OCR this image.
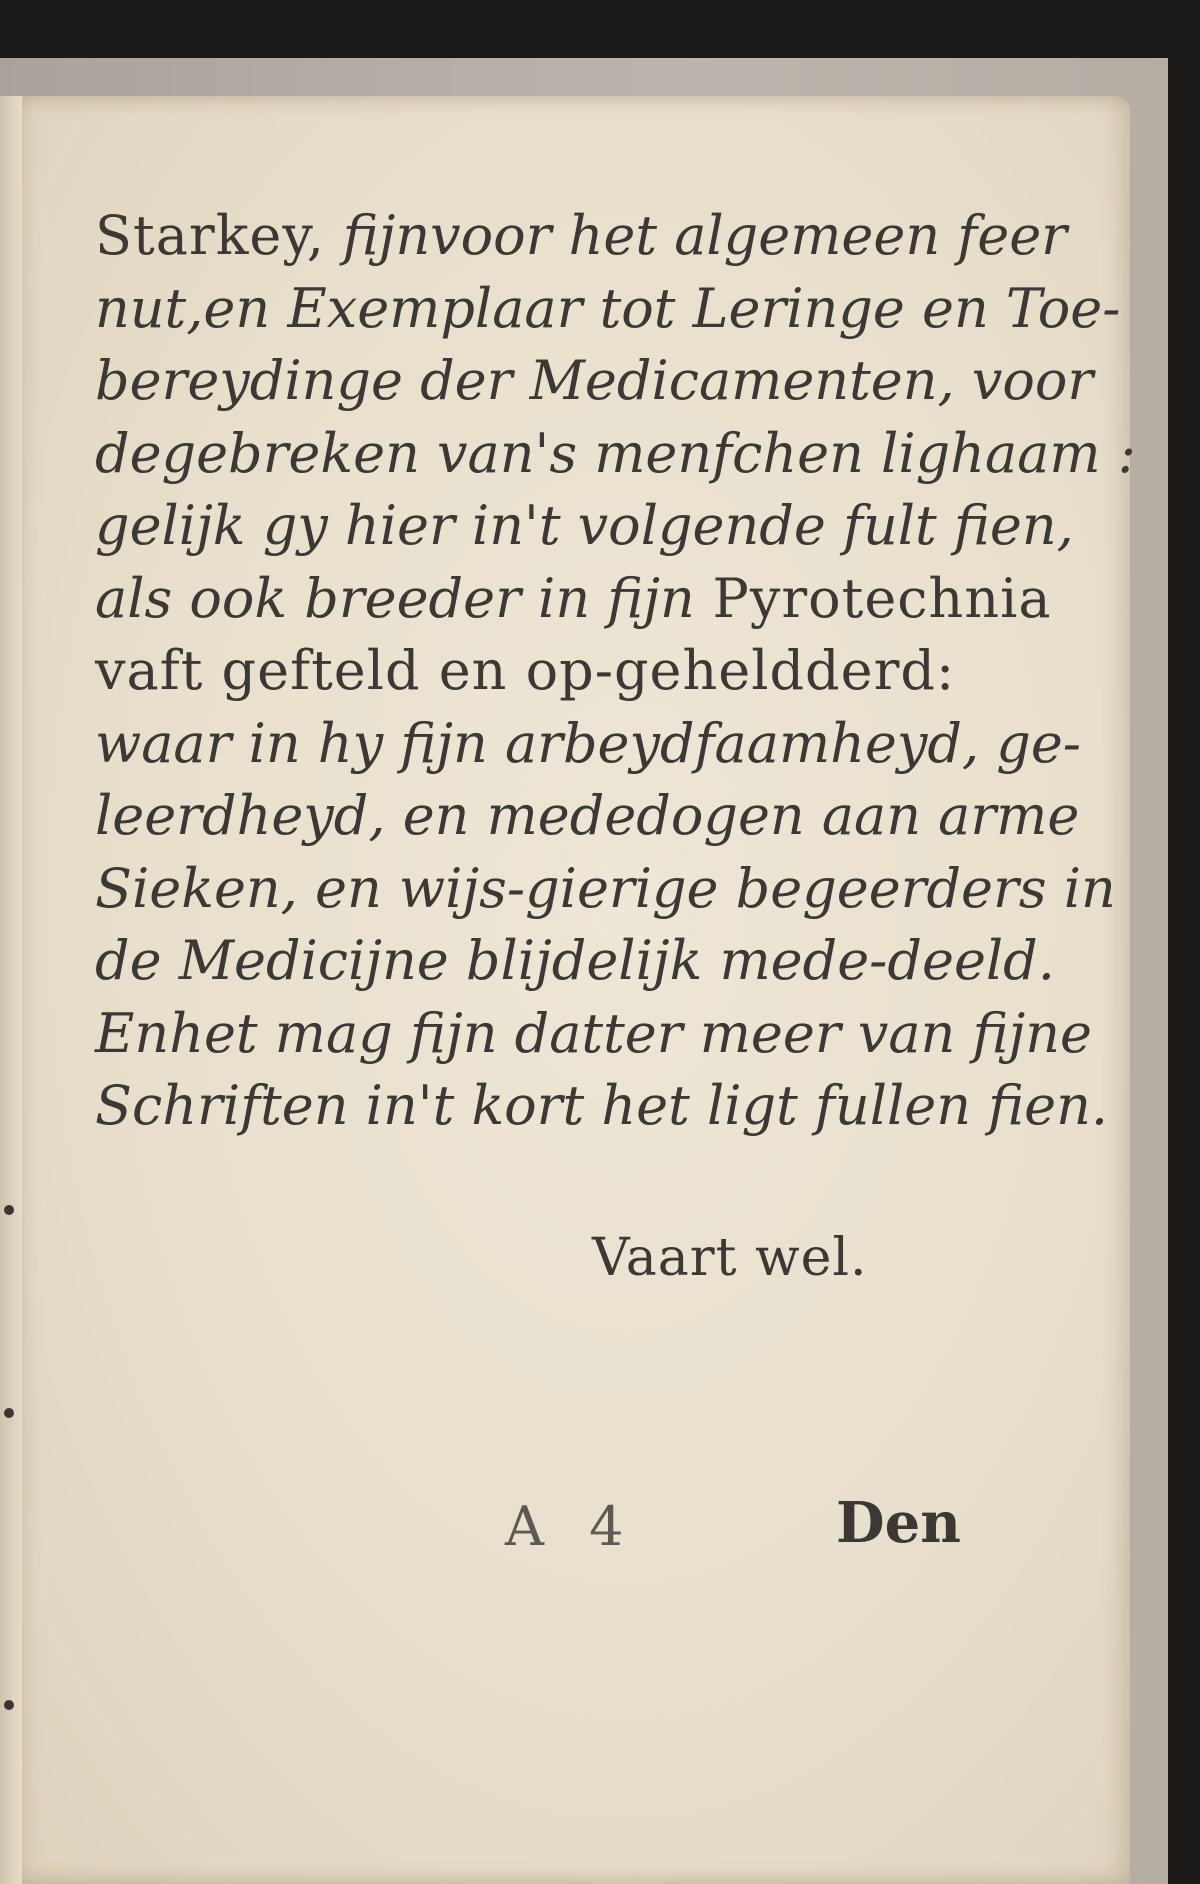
Starkey, fijnvoor het algemeen feer
nut,en Exemplaar tot Leringe en Toe-
bereydinge der Medicamenten, voor
degebreken van's menfchen lighaam :
gelijk gy hier in't volgende fult fien,
als ook breeder in fijn Pyrotechnia
vaft gefteld en op-geheldderd:
waar in hy fijn arbeydfaamheyd, ge-
leerdheyd, en mededogen aan arme
Sieken, en wijs-gierige begeerders in
de Medicijne blijdelijk mede-deeld.
Enhet mag fijn datter meer van fijne
Schriften in't kort het ligt fullen fien.
Vaart wel.
A 4	Den
